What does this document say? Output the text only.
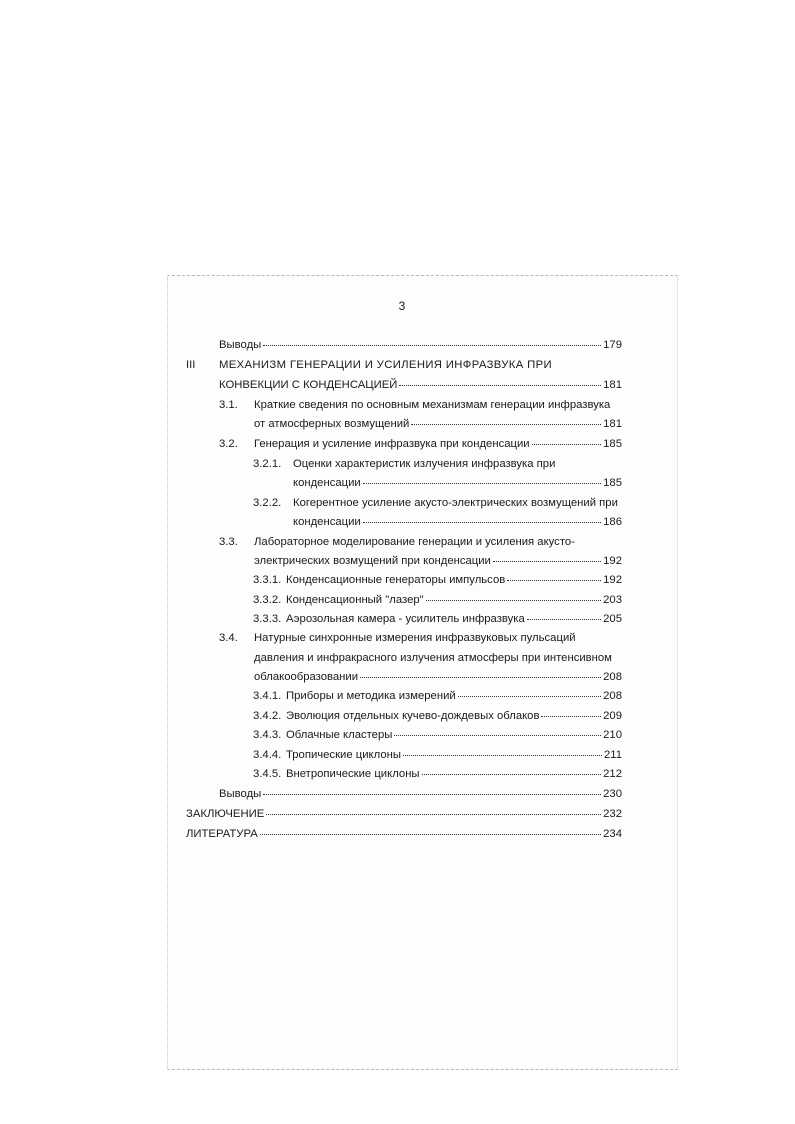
3
Выводы	179
III	МЕХАНИЗМ ГЕНЕРАЦИИ И УСИЛЕНИЯ ИНФРАЗВУКА ПРИ
КОНВЕКЦИИ С КОНДЕНСАЦИЕЙ	181
3.1.	Краткие сведения по основным механизмам генерации инфразвука
от атмосферных возмущений	181
3.2.	Генерация и усиление инфразвука при конденсации	185
3.2.1.	Оценки характеристик излучения инфразвука при
конденсации	185
3.2.2.	Когерентное усиление акусто-электрических возмущений при
конденсации	186
3.3.	Лабораторное моделирование генерации и усиления акусто-
электрических возмущений при конденсации	192
3.3.1. Конденсационные генераторы импульсов	192
3.3.2. Конденсационный "лазер"	203
3.3.3. Аэрозольная камера - усилитель инфразвука	205
3.4.	Натурные синхронные измерения инфразвуковых пульсаций
давления и инфракрасного излучения атмосферы при интенсивном
облакообразовании	208
3.4.1. Приборы и методика измерений	208
3.4.2. Эволюция отдельных кучево-дождевых облаков	209
3.4.3. Облачные кластеры	210
3.4.4. Тропические циклоны	211
3.4.5. Внетропические циклоны	212
Выводы	230
ЗАКЛЮЧЕНИЕ	232
ЛИТЕРАТУРА	234
